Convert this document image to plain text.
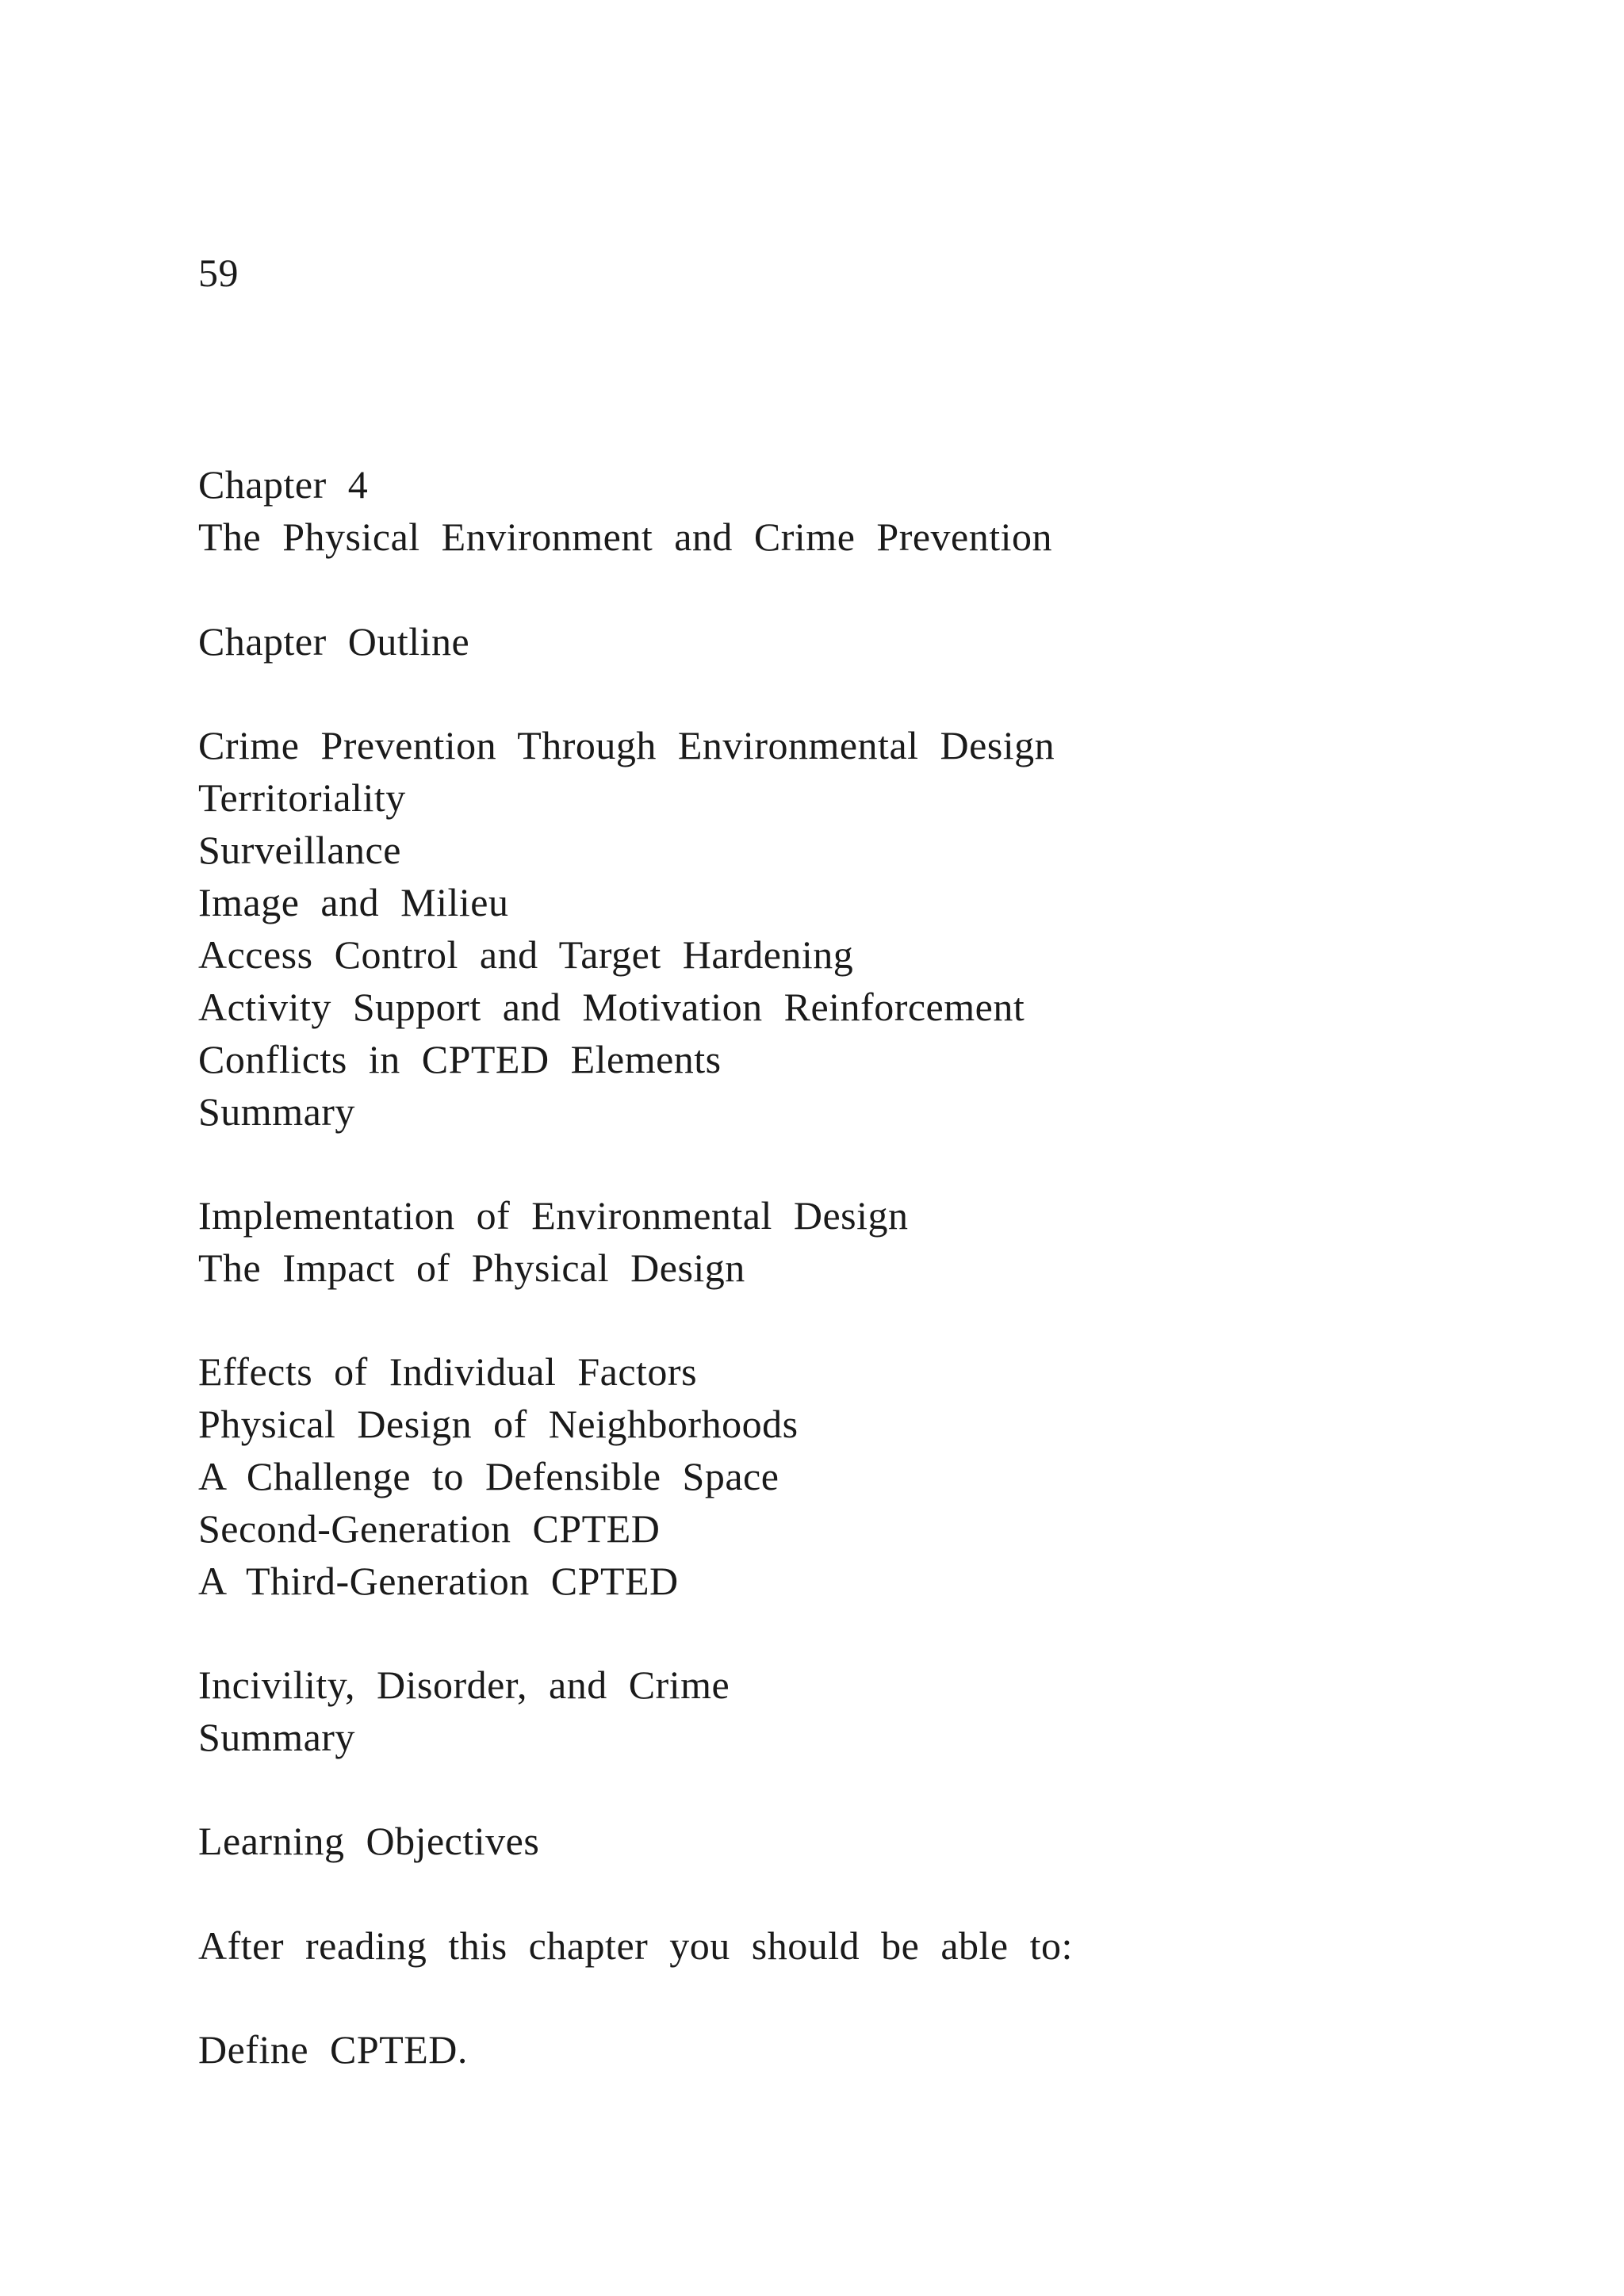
59
Chapter 4
The Physical Environment and Crime Prevention
Chapter Outline
Crime Prevention Through Environmental Design
Territoriality
Surveillance
Image and Milieu
Access Control and Target Hardening
Activity Support and Motivation Reinforcement
Conflicts in CPTED Elements
Summary
Implementation of Environmental Design
The Impact of Physical Design
Effects of Individual Factors
Physical Design of Neighborhoods
A Challenge to Defensible Space
Second-Generation CPTED
A Third-Generation CPTED
Incivility, Disorder, and Crime
Summary
Learning Objectives
After reading this chapter you should be able to:
Define CPTED.
